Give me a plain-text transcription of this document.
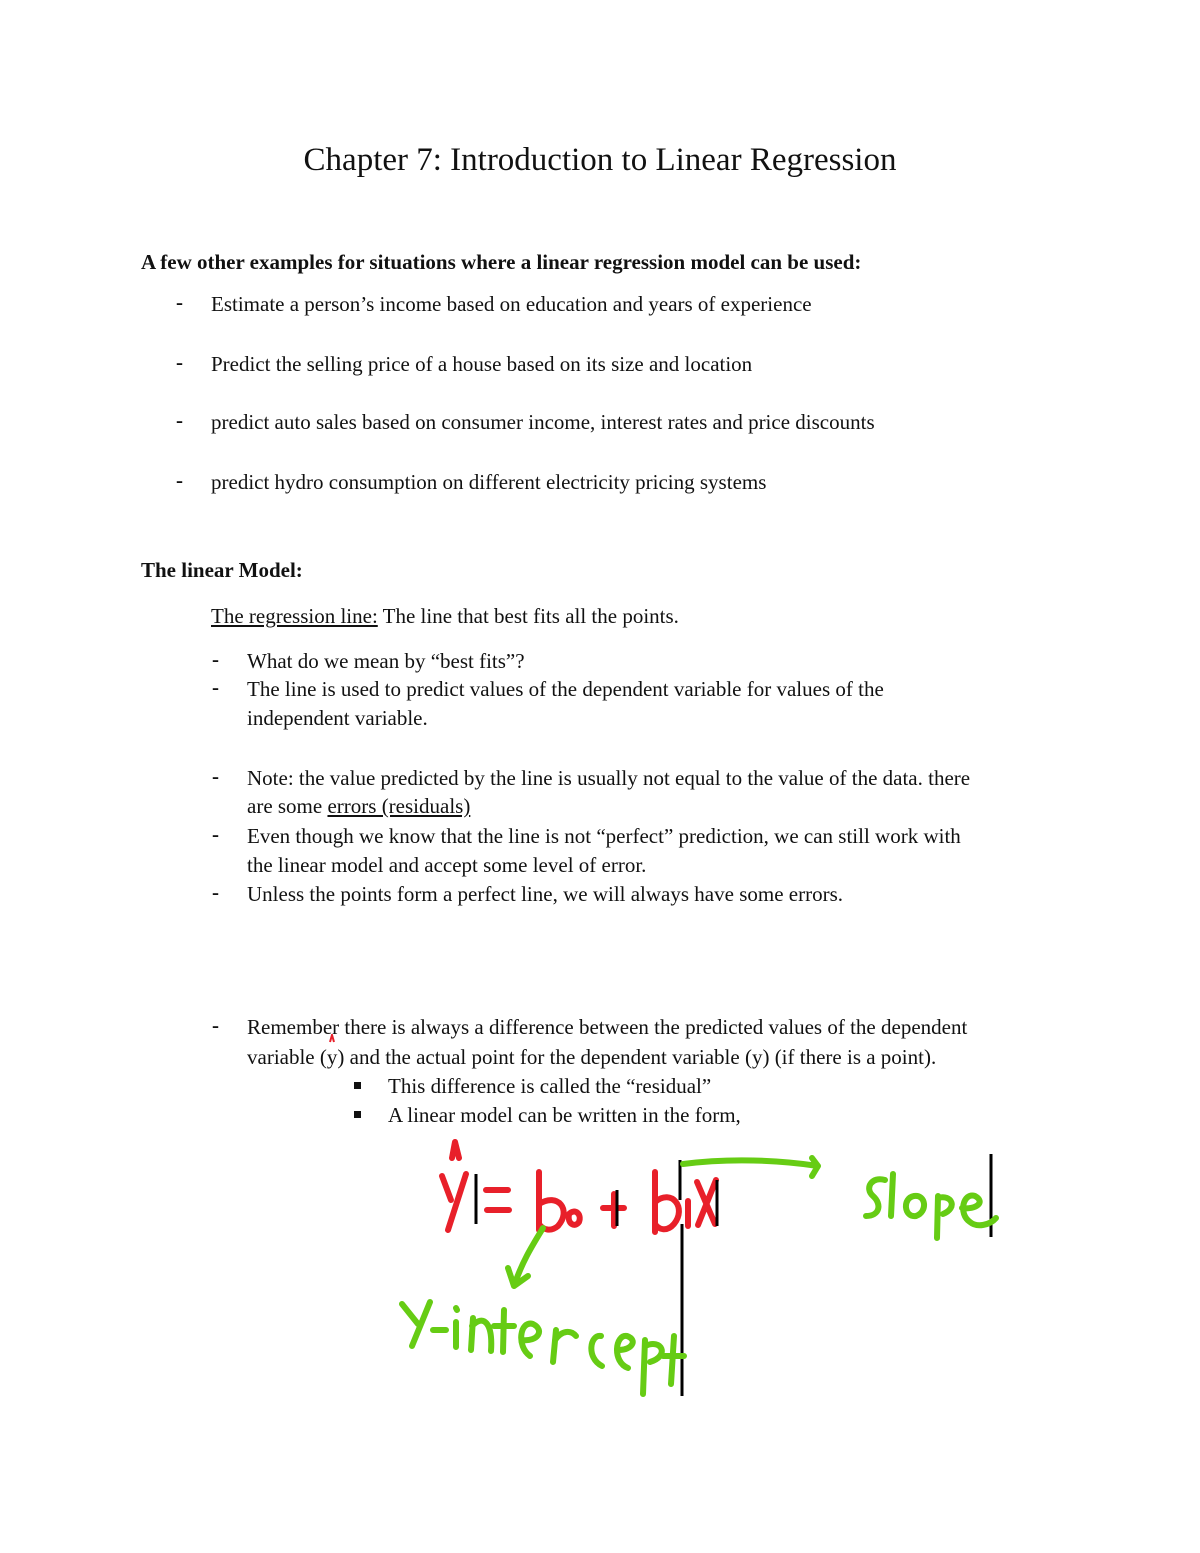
Chapter 7: Introduction to Linear Regression

A few other examples for situations where a linear regression model can be used:

- Estimate a person’s income based on education and years of experience
- Predict the selling price of a house based on its size and location
- predict auto sales based on consumer income, interest rates and price discounts
- predict hydro consumption on different electricity pricing systems

The linear Model:

The regression line: The line that best fits all the points.
- What do we mean by “best fits”?
- The line is used to predict values of the dependent variable for values of the
independent variable.
- Note: the value predicted by the line is usually not equal to the value of the data. there
are some errors (residuals)
- Even though we know that the line is not “perfect” prediction, we can still work with
the linear model and accept some level of error.
- Unless the points form a perfect line, we will always have some errors.
- Remember there is always a difference between the predicted values of the dependent
variable (y
) and the actual point for the dependent variable (y) (if there is a point).
This difference is called the “residual”
A linear model can be written in the form,
